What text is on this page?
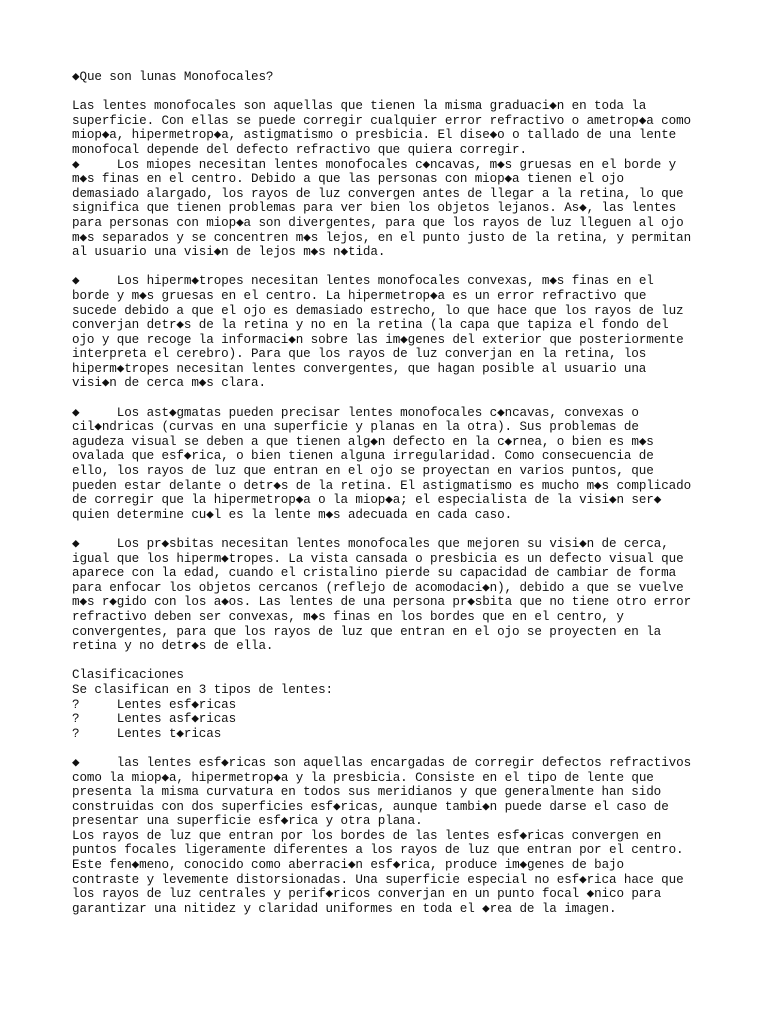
◆Que son lunas Monofocales?
Las lentes monofocales son aquellas que tienen la misma graduaci◆n en toda la
superficie. Con ellas se puede corregir cualquier error refractivo o ametrop◆a como
miop◆a, hipermetrop◆a, astigmatismo o presbicia. El dise◆o o tallado de una lente
monofocal depende del defecto refractivo que quiera corregir.
◆     Los miopes necesitan lentes monofocales c◆ncavas, m◆s gruesas en el borde y
m◆s finas en el centro. Debido a que las personas con miop◆a tienen el ojo
demasiado alargado, los rayos de luz convergen antes de llegar a la retina, lo que
significa que tienen problemas para ver bien los objetos lejanos. As◆, las lentes
para personas con miop◆a son divergentes, para que los rayos de luz lleguen al ojo
m◆s separados y se concentren m◆s lejos, en el punto justo de la retina, y permitan
al usuario una visi◆n de lejos m◆s n◆tida.
◆     Los hiperm◆tropes necesitan lentes monofocales convexas, m◆s finas en el
borde y m◆s gruesas en el centro. La hipermetrop◆a es un error refractivo que
sucede debido a que el ojo es demasiado estrecho, lo que hace que los rayos de luz
converjan detr◆s de la retina y no en la retina (la capa que tapiza el fondo del
ojo y que recoge la informaci◆n sobre las im◆genes del exterior que posteriormente
interpreta el cerebro). Para que los rayos de luz converjan en la retina, los
hiperm◆tropes necesitan lentes convergentes, que hagan posible al usuario una
visi◆n de cerca m◆s clara.
◆     Los ast◆gmatas pueden precisar lentes monofocales c◆ncavas, convexas o
cil◆ndricas (curvas en una superficie y planas en la otra). Sus problemas de
agudeza visual se deben a que tienen alg◆n defecto en la c◆rnea, o bien es m◆s
ovalada que esf◆rica, o bien tienen alguna irregularidad. Como consecuencia de
ello, los rayos de luz que entran en el ojo se proyectan en varios puntos, que
pueden estar delante o detr◆s de la retina. El astigmatismo es mucho m◆s complicado
de corregir que la hipermetrop◆a o la miop◆a; el especialista de la visi◆n ser◆
quien determine cu◆l es la lente m◆s adecuada en cada caso.
◆     Los pr◆sbitas necesitan lentes monofocales que mejoren su visi◆n de cerca,
igual que los hiperm◆tropes. La vista cansada o presbicia es un defecto visual que
aparece con la edad, cuando el cristalino pierde su capacidad de cambiar de forma
para enfocar los objetos cercanos (reflejo de acomodaci◆n), debido a que se vuelve
m◆s r◆gido con los a◆os. Las lentes de una persona pr◆sbita que no tiene otro error
refractivo deben ser convexas, m◆s finas en los bordes que en el centro, y
convergentes, para que los rayos de luz que entran en el ojo se proyecten en la
retina y no detr◆s de ella.
Clasificaciones
Se clasifican en 3 tipos de lentes:
?     Lentes esf◆ricas
?     Lentes asf◆ricas
?     Lentes t◆ricas
◆     las lentes esf◆ricas son aquellas encargadas de corregir defectos refractivos
como la miop◆a, hipermetrop◆a y la presbicia. Consiste en el tipo de lente que
presenta la misma curvatura en todos sus meridianos y que generalmente han sido
construidas con dos superficies esf◆ricas, aunque tambi◆n puede darse el caso de
presentar una superficie esf◆rica y otra plana.
Los rayos de luz que entran por los bordes de las lentes esf◆ricas convergen en
puntos focales ligeramente diferentes a los rayos de luz que entran por el centro.
Este fen◆meno, conocido como aberraci◆n esf◆rica, produce im◆genes de bajo
contraste y levemente distorsionadas. Una superficie especial no esf◆rica hace que
los rayos de luz centrales y perif◆ricos converjan en un punto focal ◆nico para
garantizar una nitidez y claridad uniformes en toda el ◆rea de la imagen.
